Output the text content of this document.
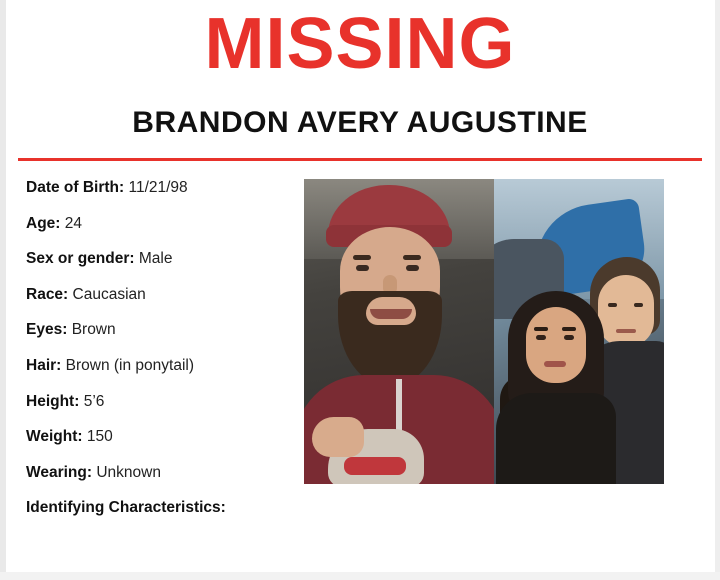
MISSING
BRANDON AVERY AUGUSTINE
Date of Birth: 11/21/98
Age: 24
Sex or gender: Male
Race: Caucasian
Eyes: Brown
Hair: Brown (in ponytail)
Height: 5’6
Weight: 150
Wearing: Unknown
Identifying Characteristics:
